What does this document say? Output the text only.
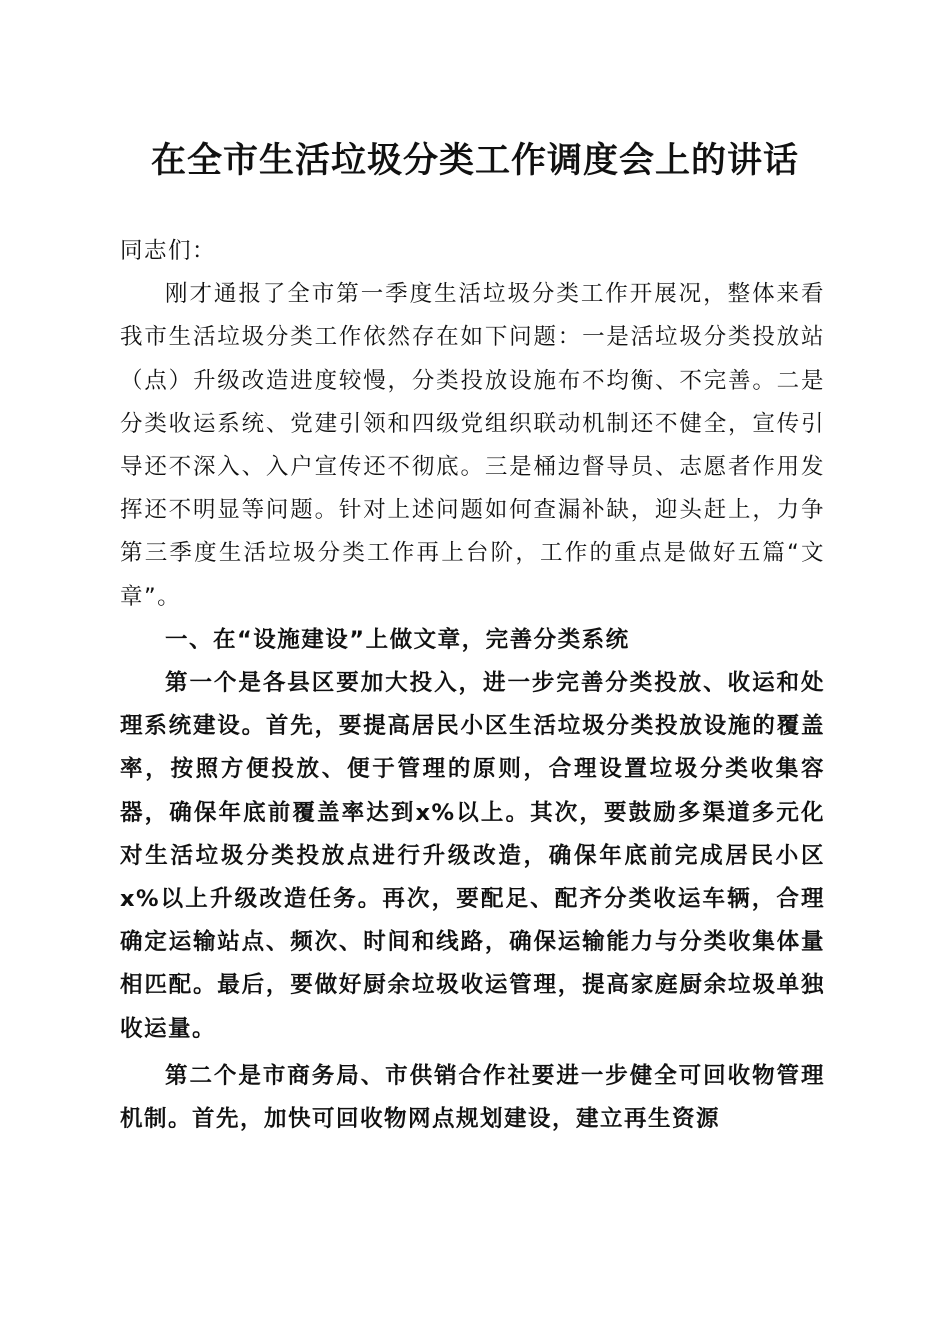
在全市生活垃圾分类工作调度会上的讲话

同志们：

刚才通报了全市第一季度生活垃圾分类工作开展况，整体来看我市生活垃圾分类工作依然存在如下问题：一是活垃圾分类投放站（点）升级改造进度较慢，分类投放设施布不均衡、不完善。二是分类收运系统、党建引领和四级党组织联动机制还不健全，宣传引导还不深入、入户宣传还不彻底。三是桶边督导员、志愿者作用发挥还不明显等问题。针对上述问题如何查漏补缺，迎头赶上，力争第三季度生活垃圾分类工作再上台阶，工作的重点是做好五篇“文章”。

一、在“设施建设”上做文章，完善分类系统

第一个是各县区要加大投入，进一步完善分类投放、收运和处理系统建设。首先，要提高居民小区生活垃圾分类投放设施的覆盖率，按照方便投放、便于管理的原则，合理设置垃圾分类收集容器，确保年底前覆盖率达到x%以上。其次，要鼓励多渠道多元化对生活垃圾分类投放点进行升级改造，确保年底前完成居民小区x%以上升级改造任务。再次，要配足、配齐分类收运车辆，合理确定运输站点、频次、时间和线路，确保运输能力与分类收集体量相匹配。最后，要做好厨余垃圾收运管理，提高家庭厨余垃圾单独收运量。

第二个是市商务局、市供销合作社要进一步健全可回收物管理机制。首先，加快可回收物网点规划建设，建立再生资源
